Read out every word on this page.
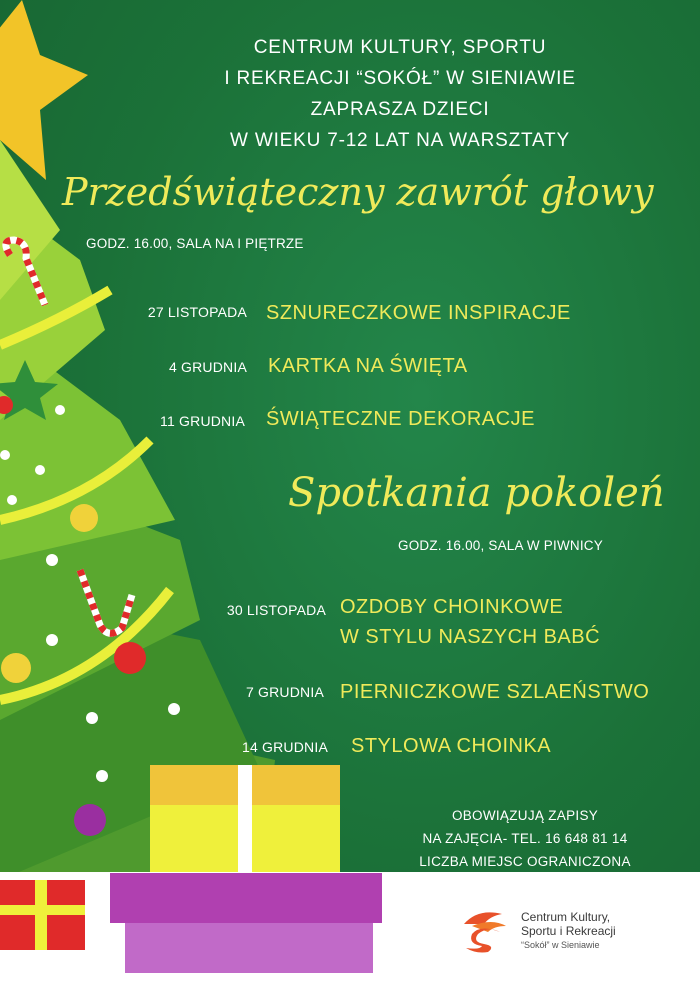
CENTRUM KULTURY, SPORTU
I REKREACJI “SOKÓŁ” W SIENIAWIE
ZAPRASZA DZIECI
W WIEKU 7-12 LAT NA WARSZTATY
Przedświąteczny zawrót głowy
GODZ. 16.00, SALA NA I PIĘTRZE
27 LISTOPADA SZNURECZKOWE INSPIRACJE
4 GRUDNIA KARTKA NA ŚWIĘTA
11 GRUDNIA ŚWIĄTECZNE DEKORACJE
Spotkania pokoleń
GODZ. 16.00, SALA W PIWNICY
30 LISTOPADA OZDOBY CHOINKOWE
W STYLU NASZYCH BABĆ
7 GRUDNIA PIERNICZKOWE SZLAEŃSTWO
14 GRUDNIA STYLOWA CHOINKA
OBOWIĄZUJĄ ZAPISY
NA ZAJĘCIA- TEL. 16 648 81 14
LICZBA MIEJSC OGRANICZONA
Centrum Kultury,
Sportu i Rekreacji
“Sokół” w Sieniawie
